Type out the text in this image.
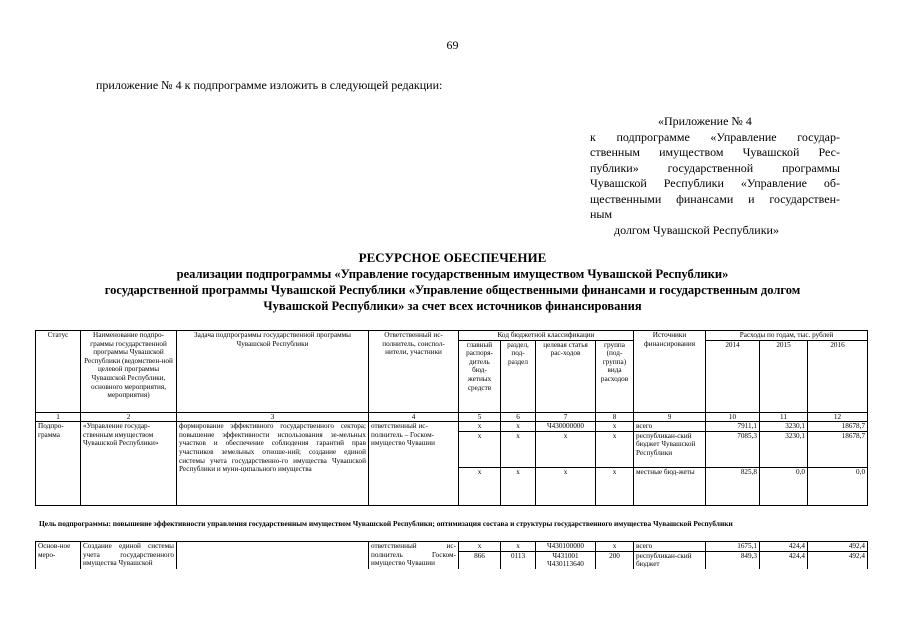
69
приложение № 4 к подпрограмме изложить в следующей редакции:
«Приложение № 4
к подпрограмме «Управление государ-
ственным имуществом Чувашской Рес-
публики» государственной программы
Чувашской Республики «Управление об-
щественными финансами и государствен-
ным
долгом Чувашской Республики»
РЕСУРСНОЕ ОБЕСПЕЧЕНИЕ
реализации подпрограммы «Управление государственным имуществом Чувашской Республики»
государственной программы Чувашской Республики «Управление общественными финансами и государственным долгом
Чувашской Республики» за счет всех источников финансирования
Статус	Наименование подпро-граммы государственной программы Чувашской Республики (ведомствен-ной целевой программы Чувашской Республики, основного мероприятия, мероприятия)	Задача подпрограммы государственной программы Чувашской Республики	Ответственный ис-полнитель, соиспол-нители, участники	Код бюджетной классификации				Источники финансирования	Расходы по годам, тыс. рублей		
				главный распоря-дитель бюд-жетных средств	раздел, под-раздел	целевая статья рас-ходов	группа (под-группа) вида расходов		2014	2015	2016
1	2	3	4	5	6	7	8	9	10	11	12
Подпро-грамма	«Управление государ-ственным имуществом Чувашской Республики»	формирование эффективного государственного сектора; повышение эффективности использования зе-мельных участков и обеспечение соблюдения гарантий прав участников земельных отноше-ний; создание единой системы учета государственно-го имущества Чувашской Республики и муни-ципального имущества	ответственный ис-полнитель – Госком-имущество Чувашии	x	x	Ч430000000	x	всего	7911,1	3230,1	18678,7
				x	x	x	x	республикан-ский бюджет Чувашской Республики	7085,3	3230,1	18678,7
				x	x	x	x	местные бюд-жеты	825,8	0,0	0,0
Цель подпрограммы: повышение эффективности управления государственным имуществом Чувашской Республики; оптимизация состава и структуры государственного имущества Чувашской Республики
Основ-ное меро-	Создание единой системы учета государственного имущества Чувашской		ответственный ис-полнитель Госком-имущество Чувашии	x	x	Ч430100000	x	всего	1675,1	424,4	492,4
				866	0113	Ч431001 Ч430113640	200	республикан-ский бюджет	849,3	424,4	492,4
